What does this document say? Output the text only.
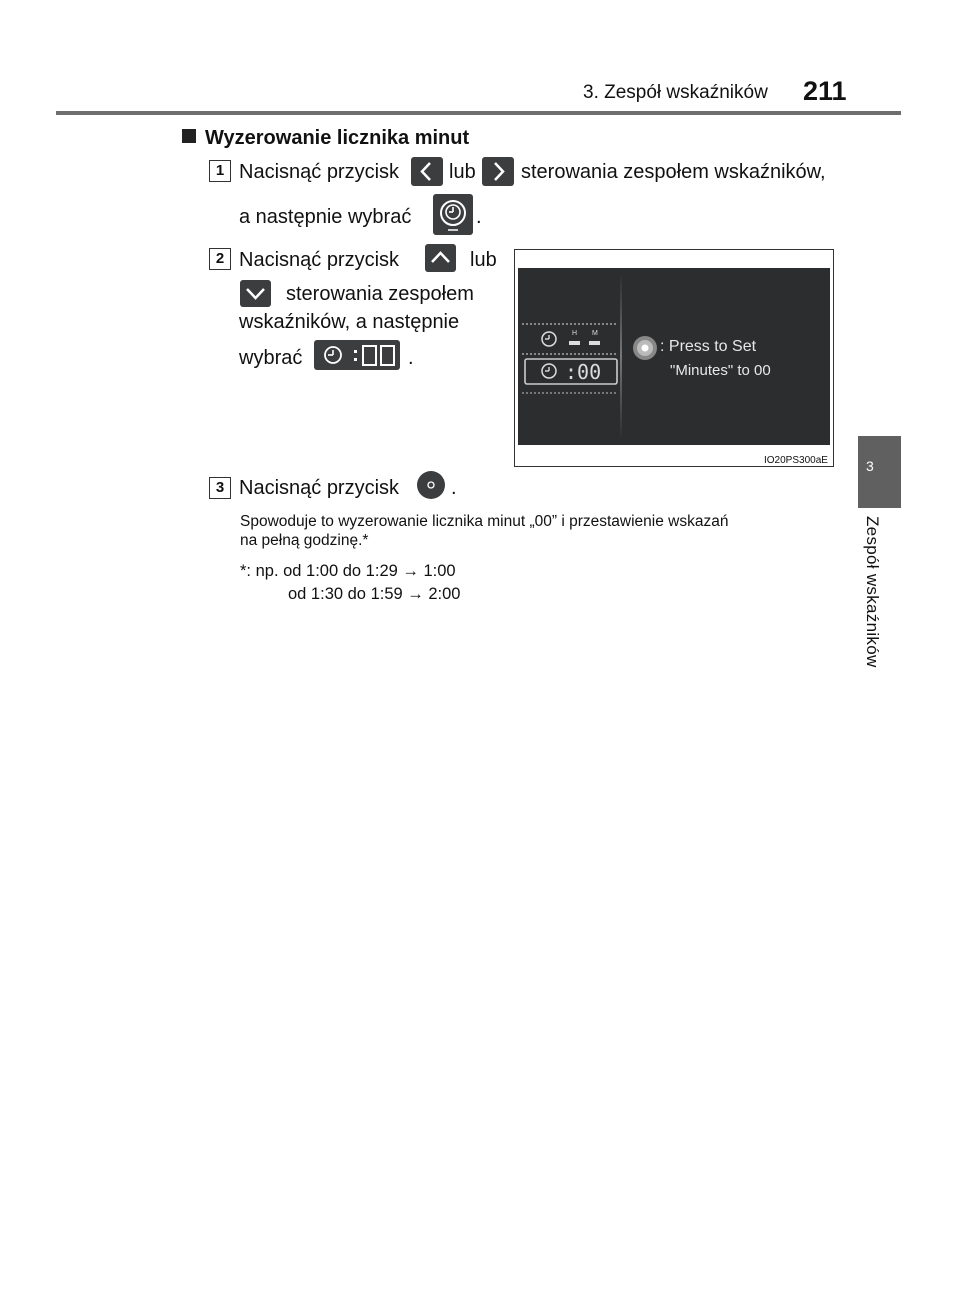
3. Zespół wskaźników 211
3
Zespół wskaźników
Wyzerowanie licznika minut
1 Nacisnąć przycisk lub sterowania zespołem wskaźników,
a następnie wybrać	.
2 Nacisnąć przycisk	lub
sterowania zespołem
wskaźników, a następnie
wybrać	.
H M
:00
: Press to Set
"Minutes" to 00
IO20PS300aE
3 Nacisnąć przycisk	.
Spowoduje to wyzerowanie licznika minut „00” i przestawienie wskazań
na pełną godzinę.*
*: np. od 1:00 do 1:29 → 1:00
od 1:30 do 1:59 → 2:00
